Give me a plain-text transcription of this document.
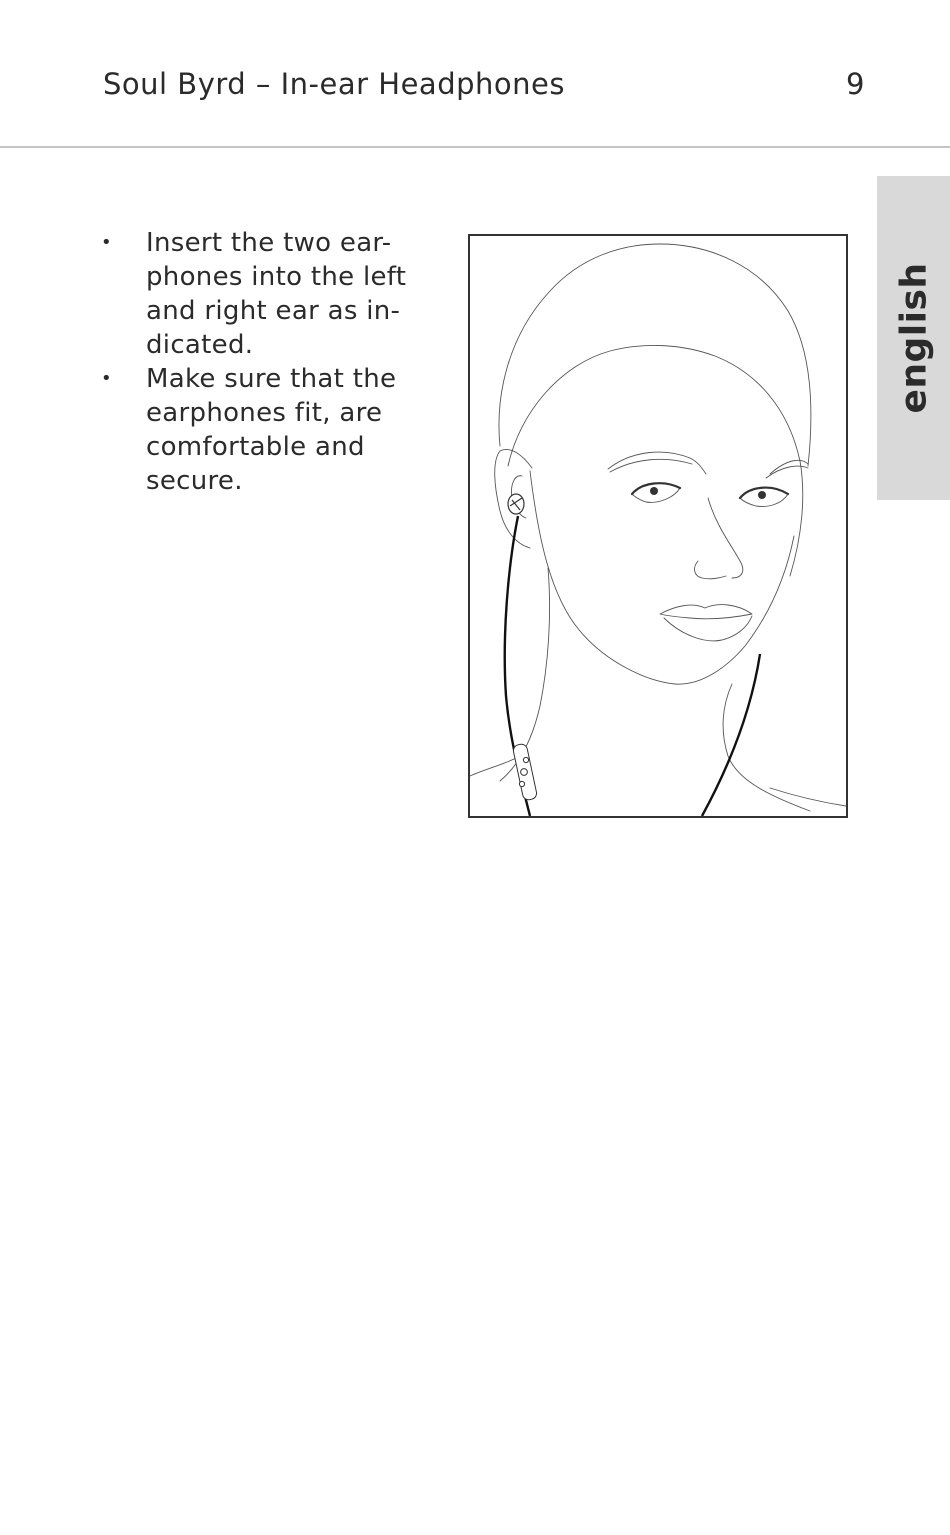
Soul Byrd – In-ear Headphones	9
english
• Insert the two ear-
phones into the left
and right ear as in-
dicated.
• Make sure that the
earphones fit, are
comfortable and
secure.
